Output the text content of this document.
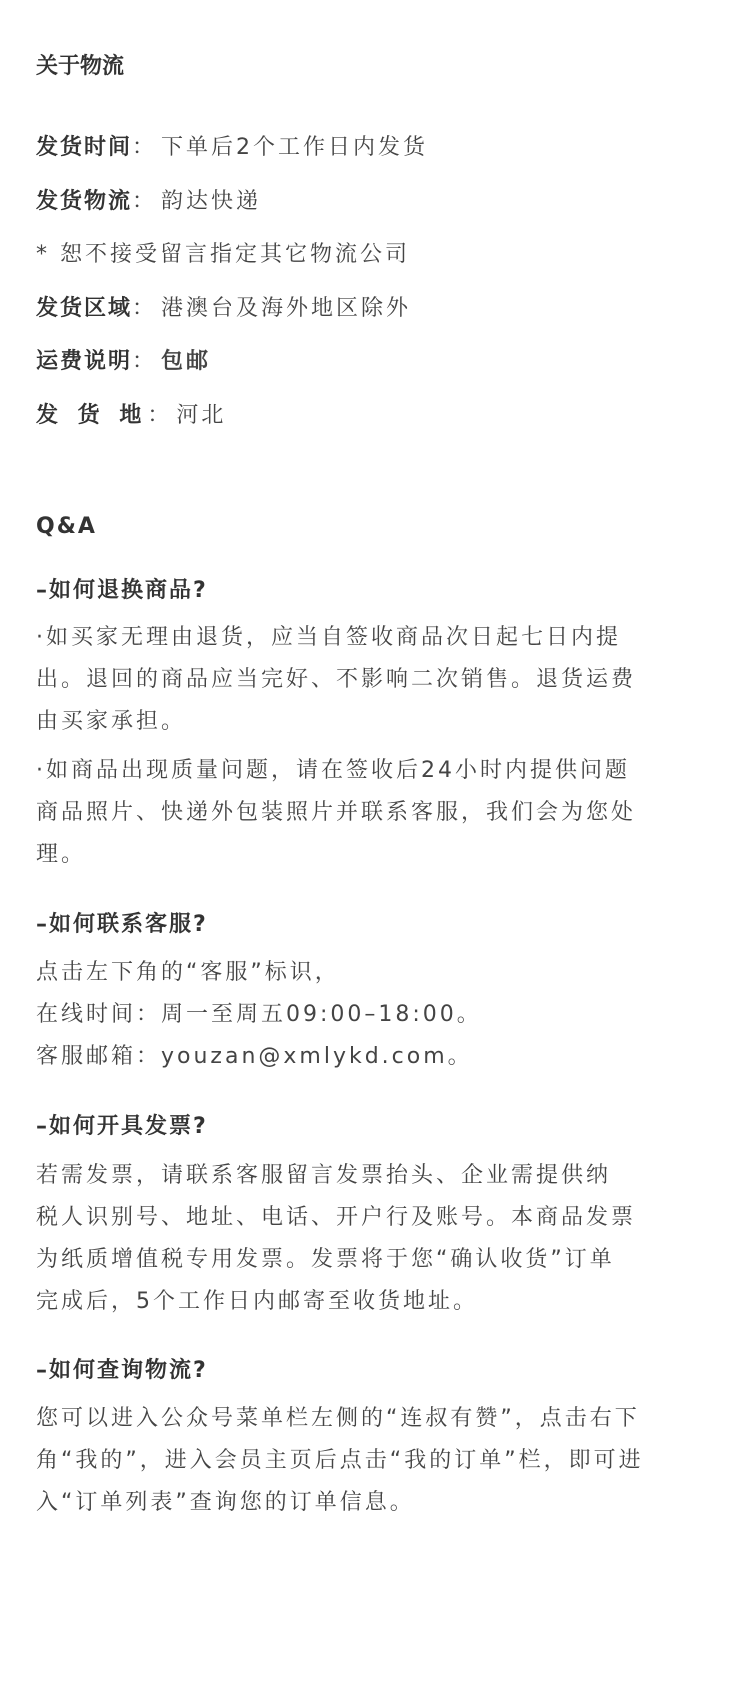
关于物流
发货时间： 下单后2个工作日内发货
发货物流： 韵达快递
* 恕不接受留言指定其它物流公司
发货区域： 港澳台及海外地区除外
运费说明： 包邮
发 货 地： 河北
Q&A
–如何退换商品?
·如买家无理由退货，应当自签收商品次日起七日内提
出。退回的商品应当完好、不影响二次销售。退货运费
由买家承担。
·如商品出现质量问题，请在签收后24小时内提供问题
商品照片、快递外包装照片并联系客服，我们会为您处
理。
–如何联系客服?
点击左下角的“客服”标识，
在线时间：周一至周五09:00–18:00。
客服邮箱：youzan@xmlykd.com。
–如何开具发票?
若需发票，请联系客服留言发票抬头、企业需提供纳
税人识别号、地址、电话、开户行及账号。本商品发票
为纸质增值税专用发票。发票将于您“确认收货”订单
完成后，5个工作日内邮寄至收货地址。
–如何查询物流?
您可以进入公众号菜单栏左侧的“连叔有赞”，点击右下
角“我的”，进入会员主页后点击“我的订单”栏，即可进
入“订单列表”查询您的订单信息。
